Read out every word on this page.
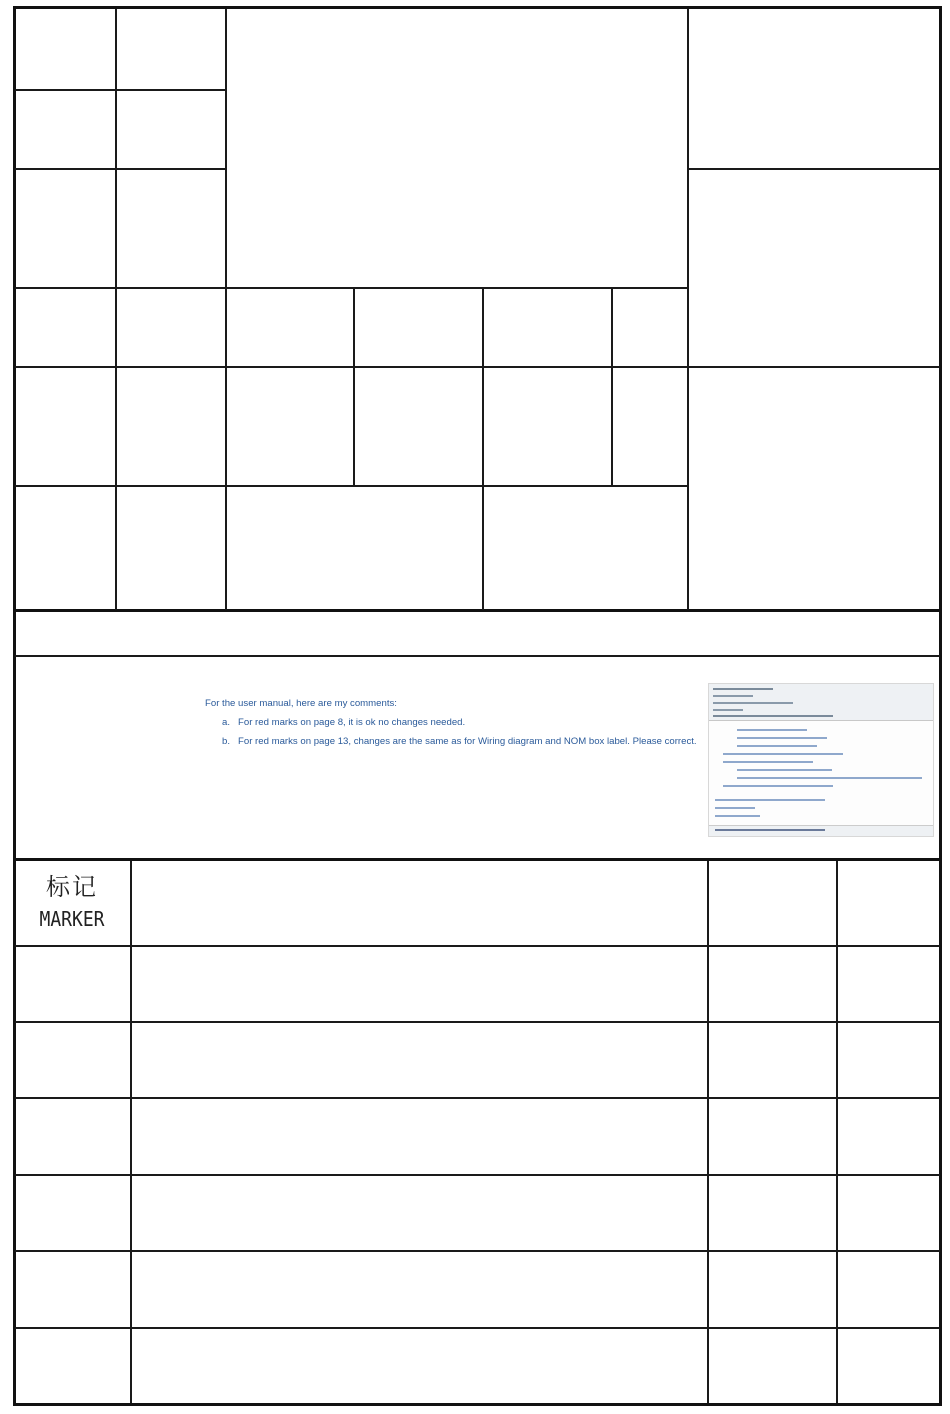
For the user manual, here are my comments:
a. For red marks on page 8, it is ok no changes needed.
b. For red marks on page 13, changes are the same as for Wiring diagram and NOM box label. Please correct.
标记
MARKER
